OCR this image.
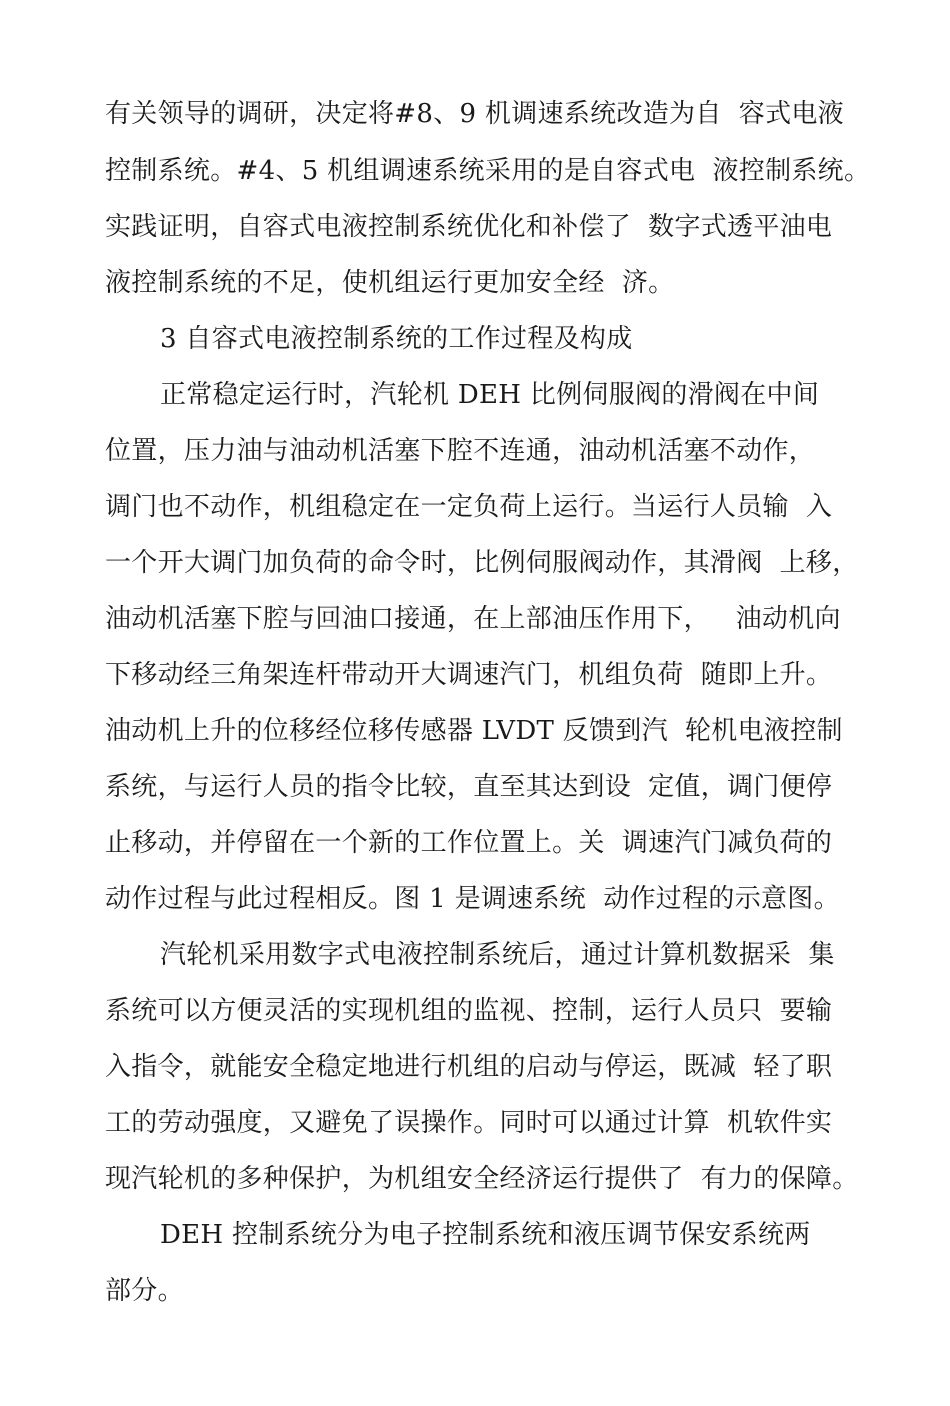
有关领导的调研，决定将#8、9 机调速系统改造为自  容式电液
控制系统。#4、5 机组调速系统采用的是自容式电  液控制系统。
实践证明，自容式电液控制系统优化和补偿了  数字式透平油电
液控制系统的不足，使机组运行更加安全经  济。
3 自容式电液控制系统的工作过程及构成
正常稳定运行时，汽轮机 DEH 比例伺服阀的滑阀在中间
位置，压力油与油动机活塞下腔不连通，油动机活塞不动作，
调门也不动作，机组稳定在一定负荷上运行。当运行人员输  入
一个开大调门加负荷的命令时，比例伺服阀动作，其滑阀  上移，
油动机活塞下腔与回油口接通，在上部油压作用下，   油动机向
下移动经三角架连杆带动开大调速汽门，机组负荷  随即上升。
油动机上升的位移经位移传感器 LVDT 反馈到汽  轮机电液控制
系统，与运行人员的指令比较，直至其达到设  定值，调门便停
止移动，并停留在一个新的工作位置上。关  调速汽门减负荷的
动作过程与此过程相反。图 1 是调速系统  动作过程的示意图。
汽轮机采用数字式电液控制系统后，通过计算机数据采  集
系统可以方便灵活的实现机组的监视、控制，运行人员只  要输
入指令，就能安全稳定地进行机组的启动与停运，既减  轻了职
工的劳动强度，又避免了误操作。同时可以通过计算  机软件实
现汽轮机的多种保护，为机组安全经济运行提供了  有力的保障。
DEH 控制系统分为电子控制系统和液压调节保安系统两
部分。
